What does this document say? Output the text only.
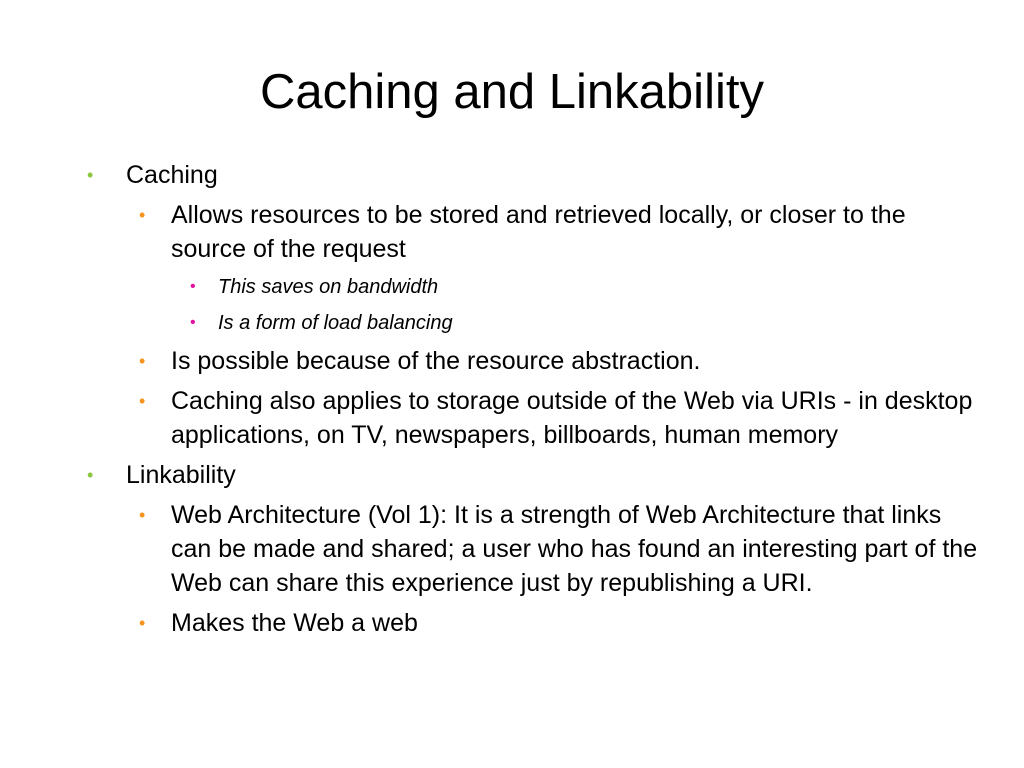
Caching and Linkability
• Caching
• Allows resources to be stored and retrieved locally, or closer to the source of the request
• This saves on bandwidth
• Is a form of load balancing
• Is possible because of the resource abstraction.
• Caching also applies to storage outside of the Web via URIs - in desktop applications, on TV, newspapers, billboards, human memory
• Linkability
• Web Architecture (Vol 1): It is a strength of Web Architecture that links can be made and shared; a user who has found an interesting part of the Web can share this experience just by republishing a URI.
• Makes the Web a web
